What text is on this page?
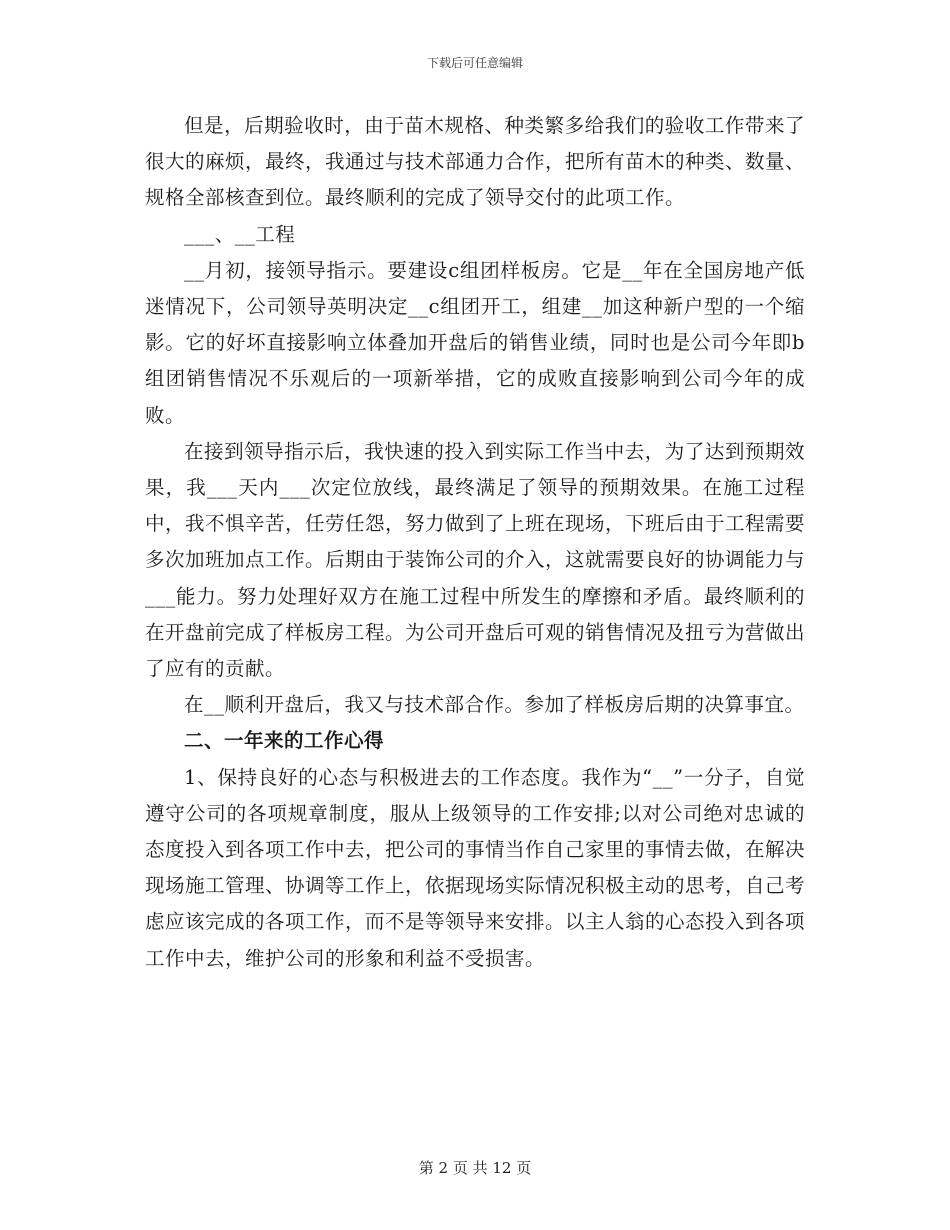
下载后可任意编辑

但是，后期验收时，由于苗木规格、种类繁多给我们的验收工作带来了很大的麻烦，最终，我通过与技术部通力合作，把所有苗木的种类、数量、规格全部核查到位。最终顺利的完成了领导交付的此项工作。

___、__工程

__月初，接领导指示。要建设c组团样板房。它是__年在全国房地产低迷情况下，公司领导英明决定__c组团开工，组建__加这种新户型的一个缩影。它的好坏直接影响立体叠加开盘后的销售业绩，同时也是公司今年即b组团销售情况不乐观后的一项新举措，它的成败直接影响到公司今年的成败。

在接到领导指示后，我快速的投入到实际工作当中去，为了达到预期效果，我___天内___次定位放线，最终满足了领导的预期效果。在施工过程中，我不惧辛苦，任劳任怨，努力做到了上班在现场，下班后由于工程需要多次加班加点工作。后期由于装饰公司的介入，这就需要良好的协调能力与___能力。努力处理好双方在施工过程中所发生的摩擦和矛盾。最终顺利的在开盘前完成了样板房工程。为公司开盘后可观的销售情况及扭亏为营做出了应有的贡献。

在__顺利开盘后，我又与技术部合作。参加了样板房后期的决算事宜。

二、一年来的工作心得

1、保持良好的心态与积极进去的工作态度。我作为“__”一分子，自觉遵守公司的各项规章制度，服从上级领导的工作安排;以对公司绝对忠诚的态度投入到各项工作中去，把公司的事情当作自己家里的事情去做，在解决现场施工管理、协调等工作上，依据现场实际情况积极主动的思考，自己考虑应该完成的各项工作，而不是等领导来安排。以主人翁的心态投入到各项工作中去，维护公司的形象和利益不受损害。

第 2 页 共 12 页
